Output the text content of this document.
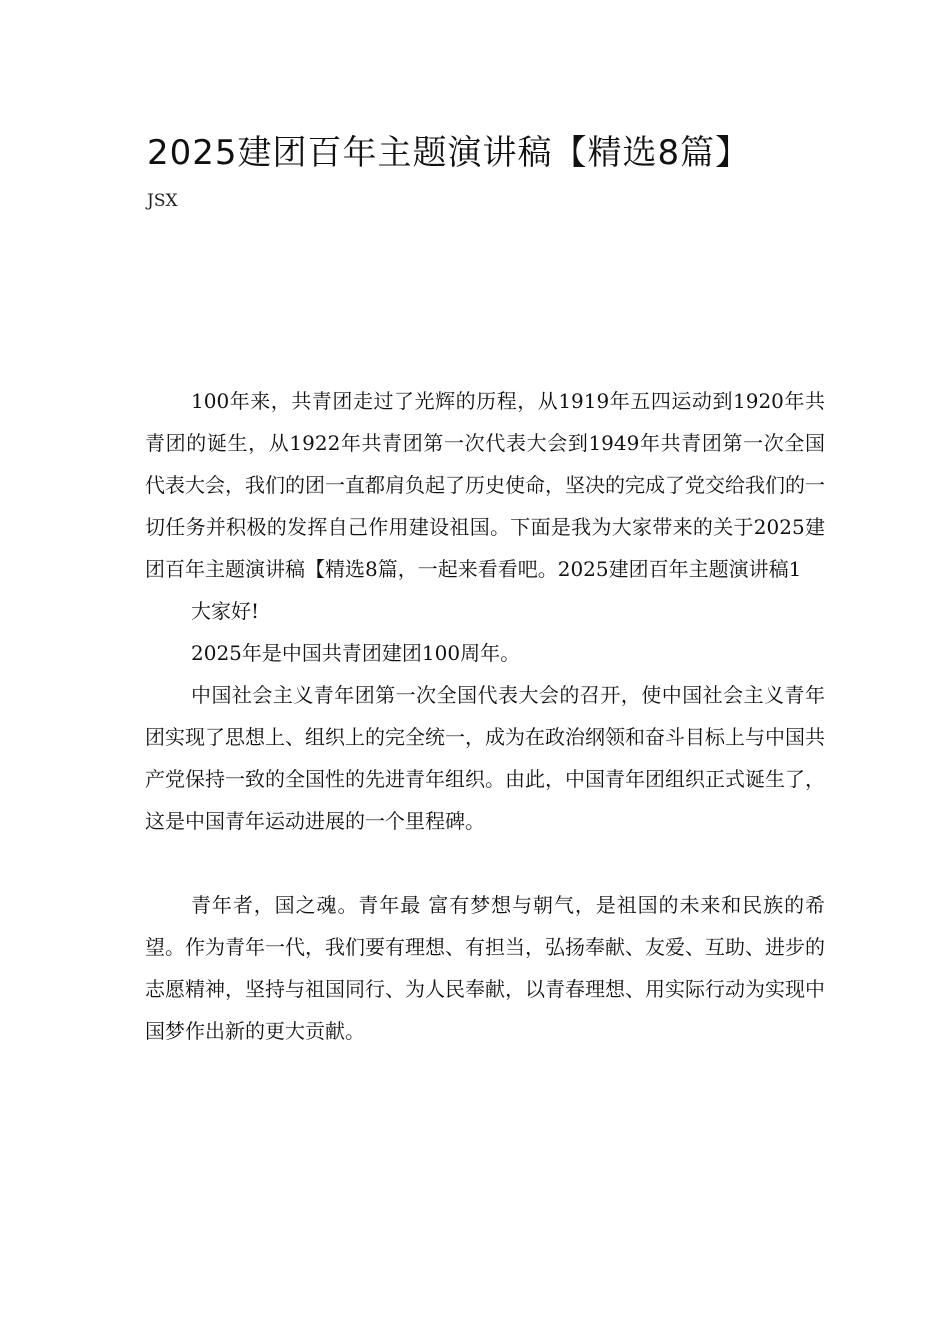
2025建团百年主题演讲稿【精选8篇】
JSX

100年来，共青团走过了光辉的历程，从1919年五四运动到1920年共青团的诞生，从1922年共青团第一次代表大会到1949年共青团第一次全国代表大会，我们的团一直都肩负起了历史使命，坚决的完成了党交给我们的一切任务并积极的发挥自己作用建设祖国。下面是我为大家带来的关于2025建团百年主题演讲稿【精选8篇，一起来看看吧。2025建团百年主题演讲稿1

大家好!

2025年是中国共青团建团100周年。

中国社会主义青年团第一次全国代表大会的召开，使中国社会主义青年团实现了思想上、组织上的完全统一，成为在政治纲领和奋斗目标上与中国共产党保持一致的全国性的先进青年组织。由此，中国青年团组织正式诞生了，这是中国青年运动进展的一个里程碑。

青年者，国之魂。青年最 富有梦想与朝气，是祖国的未来和民族的希望。作为青年一代，我们要有理想、有担当，弘扬奉献、友爱、互助、进步的志愿精神，坚持与祖国同行、为人民奉献，以青春理想、用实际行动为实现中国梦作出新的更大贡献。
